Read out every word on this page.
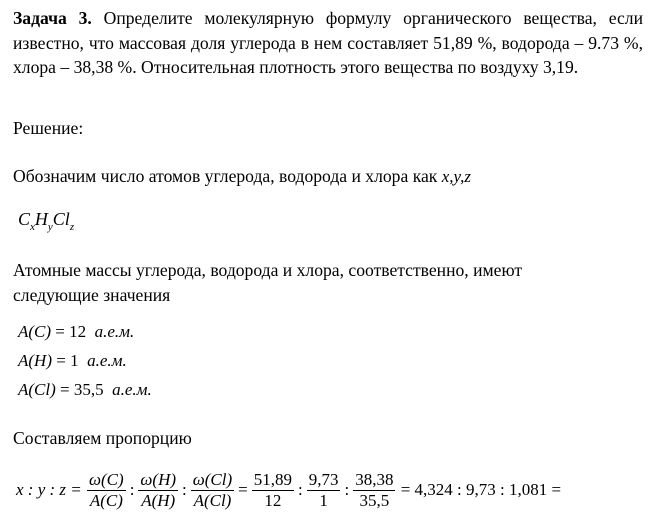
Задача 3. Определите молекулярную формулу органического вещества, если известно, что массовая доля углерода в нем составляет 51,89 %, водорода – 9.73 %, хлора – 38,38 %. Относительная плотность этого вещества по воздуху 3,19.
Решение:
Обозначим число атомов углерода, водорода и хлора как x,y,z
$C_xH_yCl_z$
Атомные массы углерода, водорода и хлора, соответственно, имеют следующие значения
A(C) = 12 а.е.м.
A(H) = 1 а.е.м.
A(Cl) = 35,5 а.е.м.
Составляем пропорцию
x : y : $z = \frac{\omega(C)}{A(C)}$ : $\frac{\omega(H)}{A(H)}$ : $\frac{\omega(Cl)}{A(Cl)} = \frac{51,89}{12}$ : $\frac{9,73}{1}$ : $\frac{38,38}{35,5} = 4,324$ : 9,73 : 1,081 =
